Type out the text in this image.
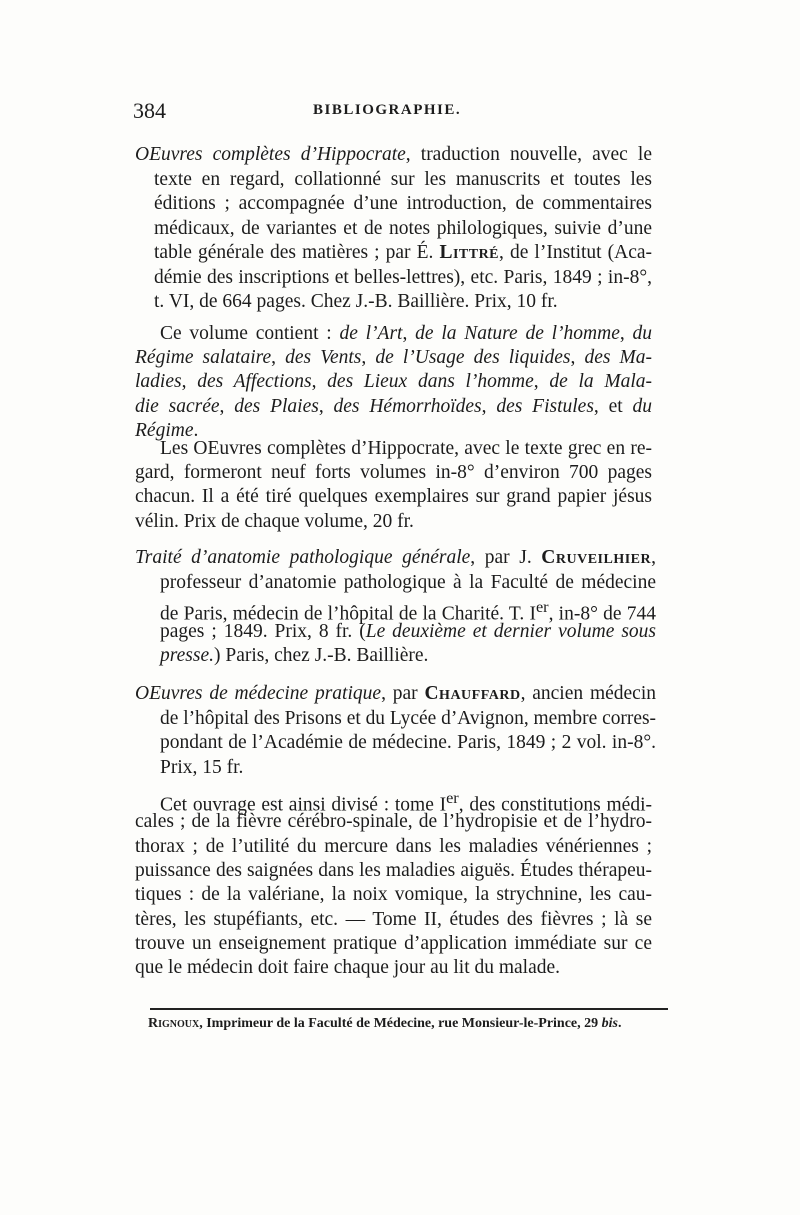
384	BIBLIOGRAPHIE.
OEuvres complètes d’Hippocrate, traduction nouvelle, avec le
texte en regard, collationné sur les manuscrits et toutes les
éditions ; accompagnée d’une introduction, de commentaires
médicaux, de variantes et de notes philologiques, suivie d’une
table générale des matières ; par É. Littré, de l’Institut (Aca-
démie des inscriptions et belles-lettres), etc. Paris, 1849 ; in-8°,
t. VI, de 664 pages. Chez J.-B. Baillière. Prix, 10 fr.
Ce volume contient : de l’Art, de la Nature de l’homme, du
Régime salataire, des Vents, de l’Usage des liquides, des Ma-
ladies, des Affections, des Lieux dans l’homme, de la Mala-
die sacrée, des Plaies, des Hémorrhoïdes, des Fistules, et du
Régime.
Les OEuvres complètes d’Hippocrate, avec le texte grec en re-
gard, formeront neuf forts volumes in-8° d’environ 700 pages
chacun. Il a été tiré quelques exemplaires sur grand papier jésus
vélin. Prix de chaque volume, 20 fr.
Traité d’anatomie pathologique générale, par J. Cruveilhier,
professeur d’anatomie pathologique à la Faculté de médecine
de Paris, médecin de l’hôpital de la Charité. T. Ier, in-8° de 744
pages ; 1849. Prix, 8 fr. (Le deuxième et dernier volume sous
presse.) Paris, chez J.-B. Baillière.
OEuvres de médecine pratique, par Chauffard, ancien médecin
de l’hôpital des Prisons et du Lycée d’Avignon, membre corres-
pondant de l’Académie de médecine. Paris, 1849 ; 2 vol. in-8°.
Prix, 15 fr.
Cet ouvrage est ainsi divisé : tome Ier, des constitutions médi-
cales ; de la fièvre cérébro-spinale, de l’hydropisie et de l’hydro-
thorax ; de l’utilité du mercure dans les maladies vénériennes ;
puissance des saignées dans les maladies aiguës. Études thérapeu-
tiques : de la valériane, la noix vomique, la strychnine, les cau-
tères, les stupéfiants, etc. — Tome II, études des fièvres ; là se
trouve un enseignement pratique d’application immédiate sur ce
que le médecin doit faire chaque jour au lit du malade.
Rignoux, Imprimeur de la Faculté de Médecine, rue Monsieur-le-Prince, 29 bis.
